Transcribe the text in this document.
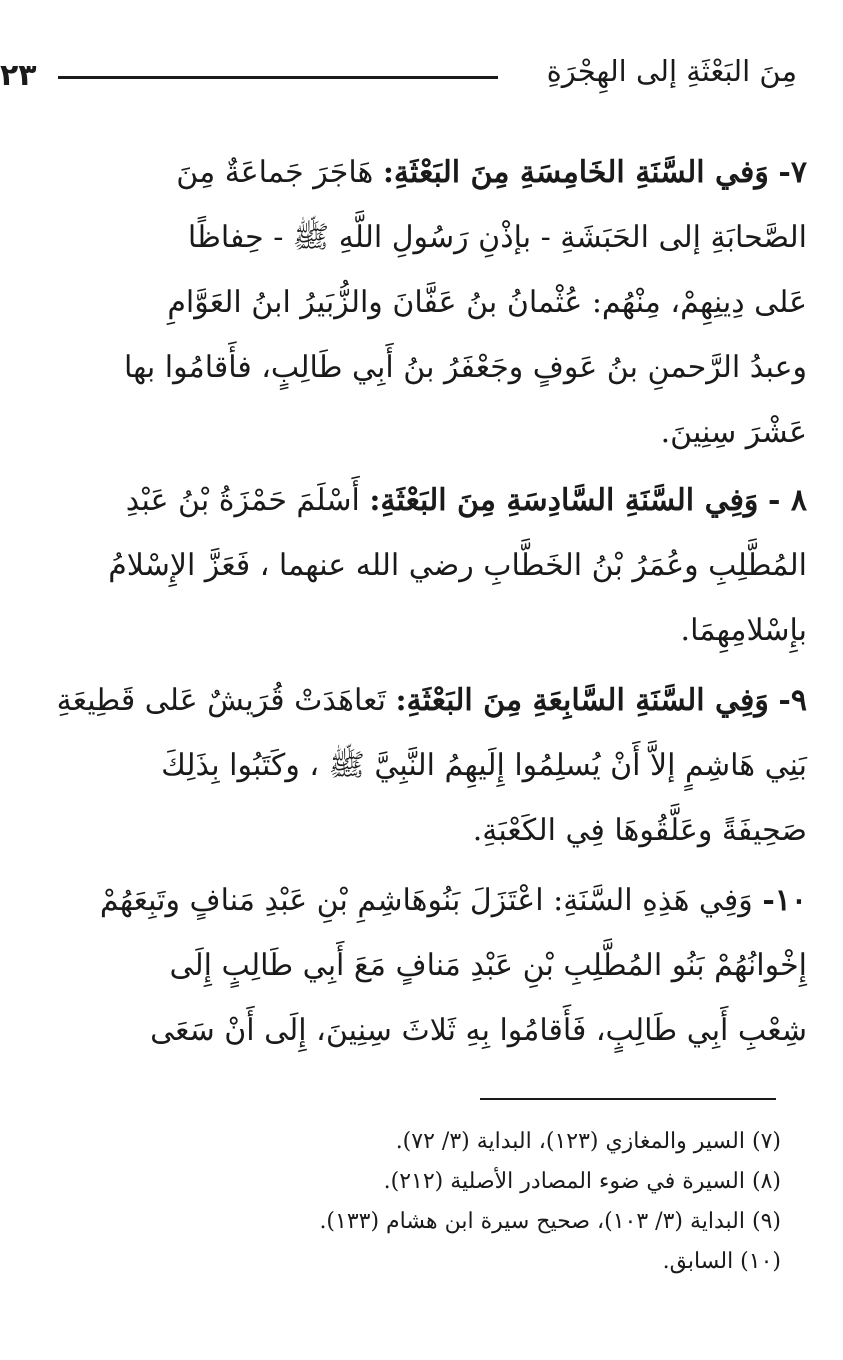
٢٣	مِنَ البَعْثَةِ إلى الهِجْرَةِ
٧- وَفي السَّنَةِ الخَامِسَةِ مِنَ البَعْثَةِ: هَاجَرَ جَماعَةٌ مِنَ
الصَّحابَةِ إلى الحَبَشَةِ - بإذْنِ رَسُولِ اللَّهِ ﷺ - حِفاظًا
عَلى دِينِهِمْ، مِنْهُم: عُثْمانُ بنُ عَفَّانَ والزُّبَيرُ ابنُ العَوَّامِ
وعبدُ الرَّحمنِ بنُ عَوفٍ وجَعْفَرُ بنُ أَبِي طَالِبٍ، فأَقامُوا بها
عَشْرَ سِنِينَ.
٨ - وَفِي السَّنَةِ السَّادِسَةِ مِنَ البَعْثَةِ: أَسْلَمَ حَمْزَةُ بْنُ عَبْدِ
المُطَّلِبِ وعُمَرُ بْنُ الخَطَّابِ رضي الله عنهما ، فَعَزَّ الإِسْلامُ
بإِسْلامِهِمَا.
٩- وَفِي السَّنَةِ السَّابِعَةِ مِنَ البَعْثَةِ: تَعاهَدَتْ قُرَيشٌ عَلى قَطِيعَةِ
بَنِي هَاشِمٍ إلاَّ أَنْ يُسلِمُوا إِلَيهِمُ النَّبِيَّ ﷺ ، وكَتَبُوا بِذَلِكَ
صَحِيفَةً وعَلَّقُوهَا فِي الكَعْبَةِ.
١٠- وَفِي هَذِهِ السَّنَةِ: اعْتَزَلَ بَنُوهَاشِمِ بْنِ عَبْدِ مَنافٍ وتَبِعَهُمْ
إِخْوانُهُمْ بَنُو المُطَّلِبِ بْنِ عَبْدِ مَنافٍ مَعَ أَبِي طَالِبٍ إِلَى
شِعْبِ أَبِي طَالِبٍ، فَأَقامُوا بِهِ ثَلاثَ سِنِينَ، إِلَى أَنْ سَعَى
(٧) السير والمغازي (١٢٣)، البداية (٣/ ٧٢).
(٨) السيرة في ضوء المصادر الأصلية (٢١٢).
(٩) البداية (٣/ ١٠٣)، صحيح سيرة ابن هشام (١٣٣).
(١٠) السابق.
